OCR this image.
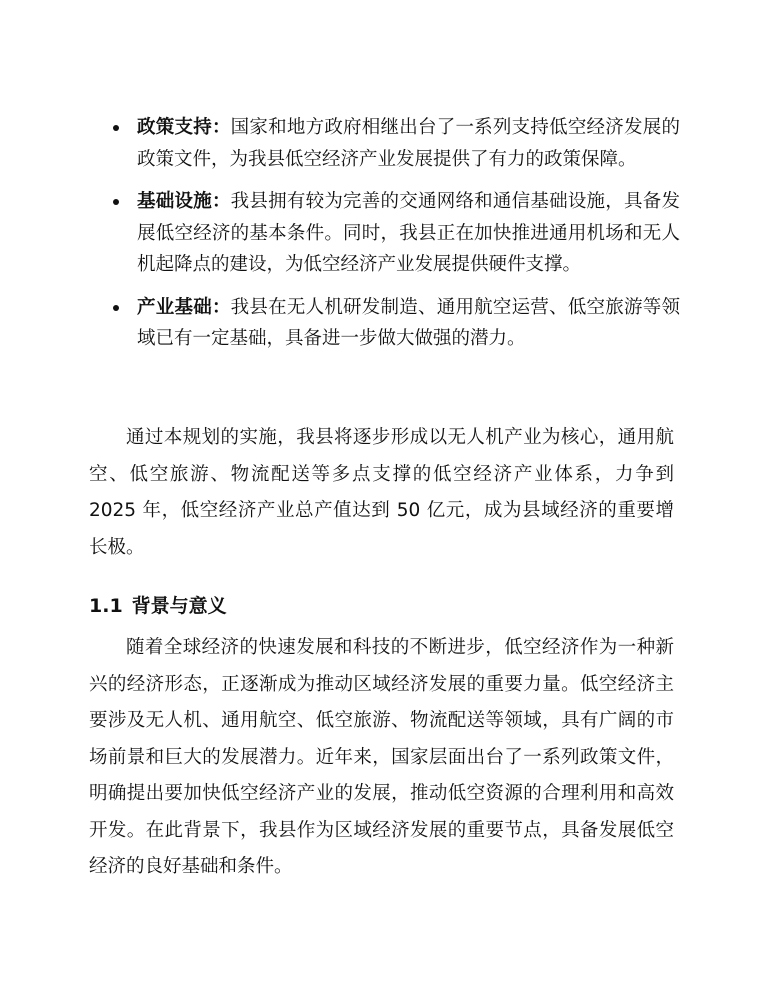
政策支持：国家和地方政府相继出台了一系列支持低空经济发展的政策文件，为我县低空经济产业发展提供了有力的政策保障。
基础设施：我县拥有较为完善的交通网络和通信基础设施，具备发展低空经济的基本条件。同时，我县正在加快推进通用机场和无人机起降点的建设，为低空经济产业发展提供硬件支撑。
产业基础：我县在无人机研发制造、通用航空运营、低空旅游等领域已有一定基础，具备进一步做大做强的潜力。

通过本规划的实施，我县将逐步形成以无人机产业为核心，通用航空、低空旅游、物流配送等多点支撑的低空经济产业体系，力争到 2025 年，低空经济产业总产值达到 50 亿元，成为县域经济的重要增长极。

1.1 背景与意义

随着全球经济的快速发展和科技的不断进步，低空经济作为一种新兴的经济形态，正逐渐成为推动区域经济发展的重要力量。低空经济主要涉及无人机、通用航空、低空旅游、物流配送等领域，具有广阔的市场前景和巨大的发展潜力。近年来，国家层面出台了一系列政策文件，明确提出要加快低空经济产业的发展，推动低空资源的合理利用和高效开发。在此背景下，我县作为区域经济发展的重要节点，具备发展低空经济的良好基础和条件。
